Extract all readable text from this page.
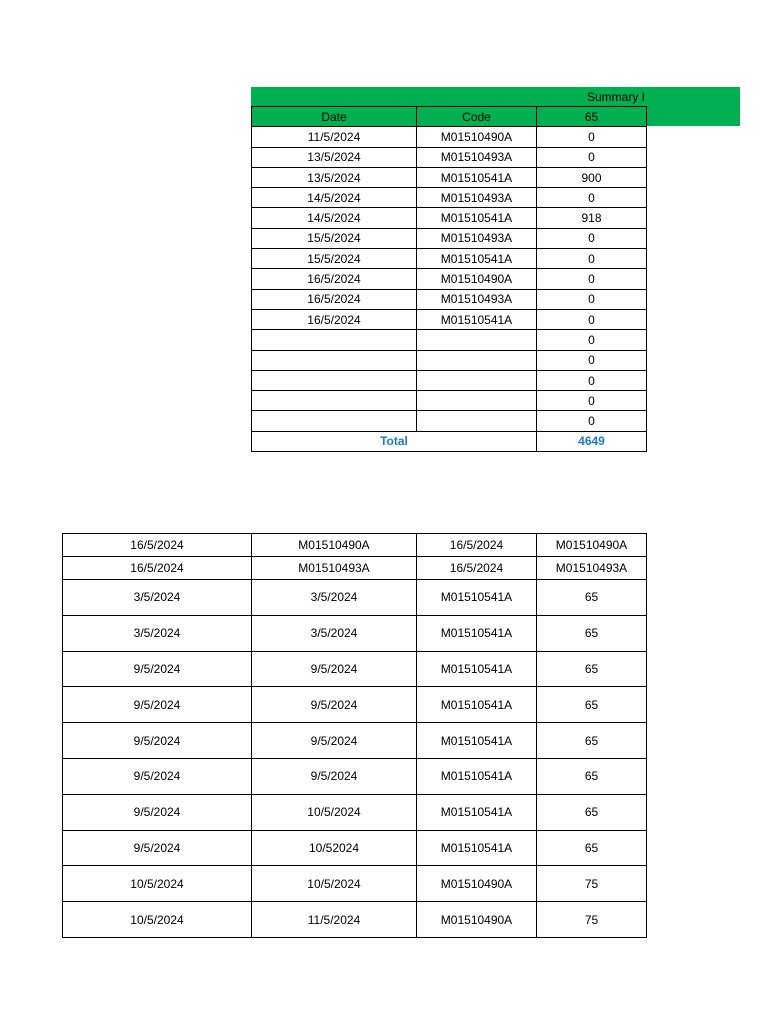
Summary I
Date	Code	65
11/5/2024	M01510490A	0
13/5/2024	M01510493A	0
13/5/2024	M01510541A	900
14/5/2024	M01510493A	0
14/5/2024	M01510541A	918
15/5/2024	M01510493A	0
15/5/2024	M01510541A	0
16/5/2024	M01510490A	0
16/5/2024	M01510493A	0
16/5/2024	M01510541A	0
		0
		0
		0
		0
		0
Total		4649
16/5/2024	M01510490A	16/5/2024	M01510490A
16/5/2024	M01510493A	16/5/2024	M01510493A
3/5/2024	3/5/2024	M01510541A	65
3/5/2024	3/5/2024	M01510541A	65
9/5/2024	9/5/2024	M01510541A	65
9/5/2024	9/5/2024	M01510541A	65
9/5/2024	9/5/2024	M01510541A	65
9/5/2024	9/5/2024	M01510541A	65
9/5/2024	10/5/2024	M01510541A	65
9/5/2024	10/52024	M01510541A	65
10/5/2024	10/5/2024	M01510490A	75
10/5/2024	11/5/2024	M01510490A	75
